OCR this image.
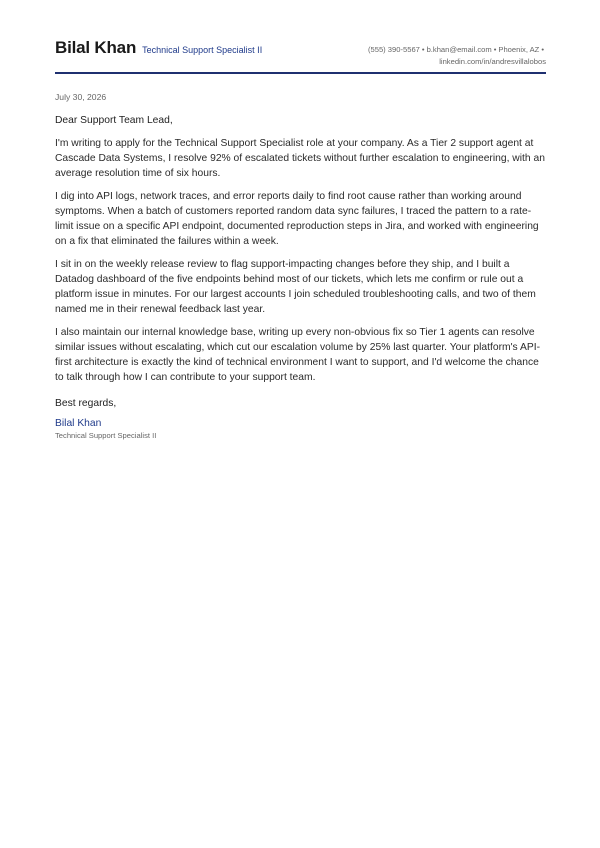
Bilal Khan Technical Support Specialist II	(555) 390-5567 • b.khan@email.com • Phoenix, AZ •
linkedin.com/in/andresvillalobos
July 30, 2026
Dear Support Team Lead,

I'm writing to apply for the Technical Support Specialist role at your company. As a Tier 2 support agent at Cascade Data Systems, I resolve 92% of escalated tickets without further escalation to engineering, with an average resolution time of six hours.

I dig into API logs, network traces, and error reports daily to find root cause rather than working around symptoms. When a batch of customers reported random data sync failures, I traced the pattern to a rate-limit issue on a specific API endpoint, documented reproduction steps in Jira, and worked with engineering on a fix that eliminated the failures within a week.

I sit in on the weekly release review to flag support-impacting changes before they ship, and I built a Datadog dashboard of the five endpoints behind most of our tickets, which lets me confirm or rule out a platform issue in minutes. For our largest accounts I join scheduled troubleshooting calls, and two of them named me in their renewal feedback last year.

I also maintain our internal knowledge base, writing up every non-obvious fix so Tier 1 agents can resolve similar issues without escalating, which cut our escalation volume by 25% last quarter. Your platform's API-first architecture is exactly the kind of technical environment I want to support, and I'd welcome the chance to talk through how I can contribute to your support team.

Best regards,
Bilal Khan
Technical Support Specialist II
